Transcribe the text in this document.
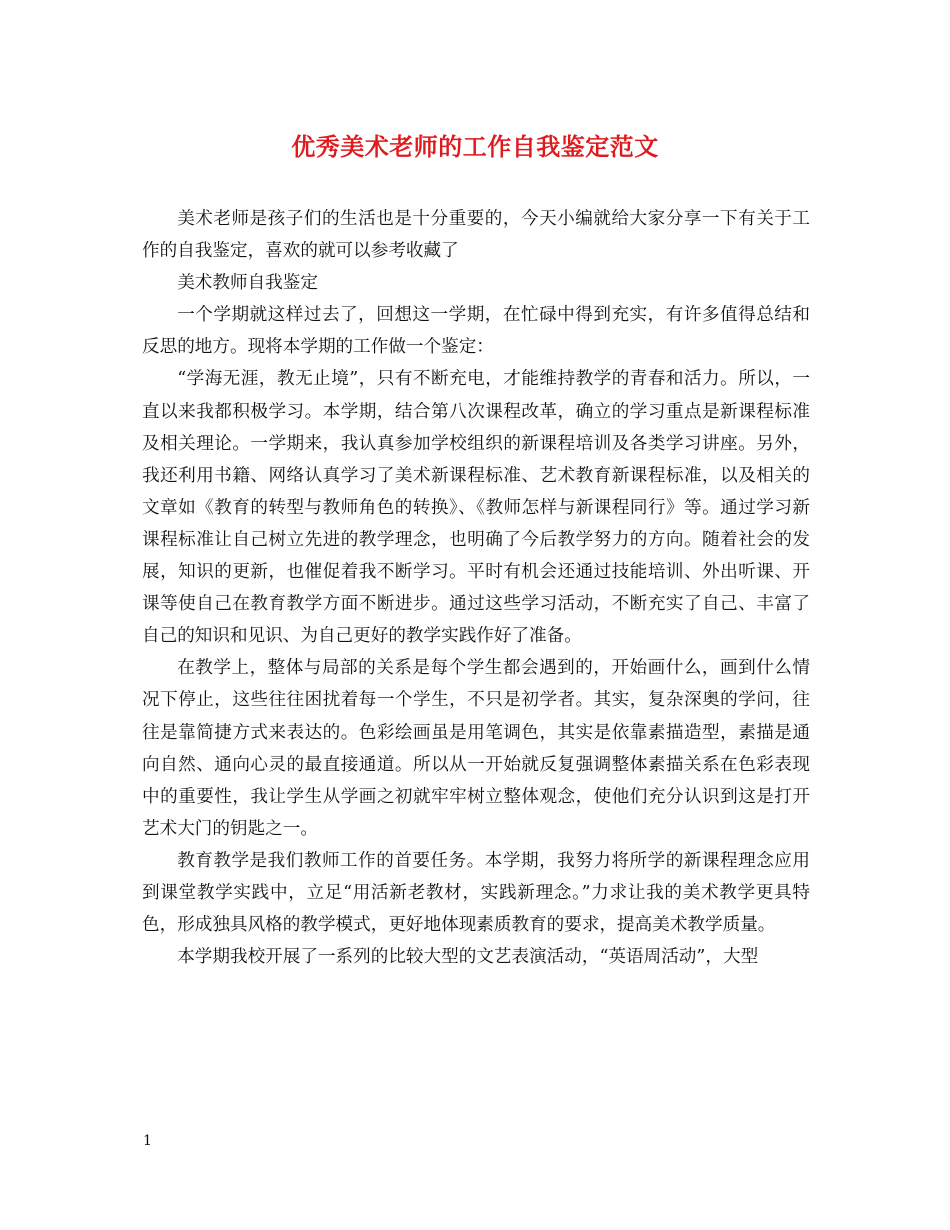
优秀美术老师的工作自我鉴定范文

美术老师是孩子们的生活也是十分重要的，今天小编就给大家分享一下有关于工作的自我鉴定，喜欢的就可以参考收藏了

美术教师自我鉴定

一个学期就这样过去了，回想这一学期，在忙碌中得到充实，有许多值得总结和反思的地方。现将本学期的工作做一个鉴定：

“学海无涯，教无止境”，只有不断充电，才能维持教学的青春和活力。所以，一直以来我都积极学习。本学期，结合第八次课程改革，确立的学习重点是新课程标准及相关理论。一学期来，我认真参加学校组织的新课程培训及各类学习讲座。另外，我还利用书籍、网络认真学习了美术新课程标准、艺术教育新课程标准，以及相关的文章如《教育的转型与教师角色的转换》、《教师怎样与新课程同行》等。通过学习新课程标准让自己树立先进的教学理念，也明确了今后教学努力的方向。随着社会的发展，知识的更新，也催促着我不断学习。平时有机会还通过技能培训、外出听课、开课等使自己在教育教学方面不断进步。通过这些学习活动，不断充实了自己、丰富了自己的知识和见识、为自己更好的教学实践作好了准备。

在教学上，整体与局部的关系是每个学生都会遇到的，开始画什么，画到什么情况下停止，这些往往困扰着每一个学生，不只是初学者。其实，复杂深奥的学问，往往是靠简捷方式来表达的。色彩绘画虽是用笔调色，其实是依靠素描造型，素描是通向自然、通向心灵的最直接通道。所以从一开始就反复强调整体素描关系在色彩表现中的重要性，我让学生从学画之初就牢牢树立整体观念，使他们充分认识到这是打开艺术大门的钥匙之一。

教育教学是我们教师工作的首要任务。本学期，我努力将所学的新课程理念应用到课堂教学实践中，立足“用活新老教材，实践新理念。”力求让我的美术教学更具特色，形成独具风格的教学模式，更好地体现素质教育的要求，提高美术教学质量。

本学期我校开展了一系列的比较大型的文艺表演活动，“英语周活动”，大型

1
